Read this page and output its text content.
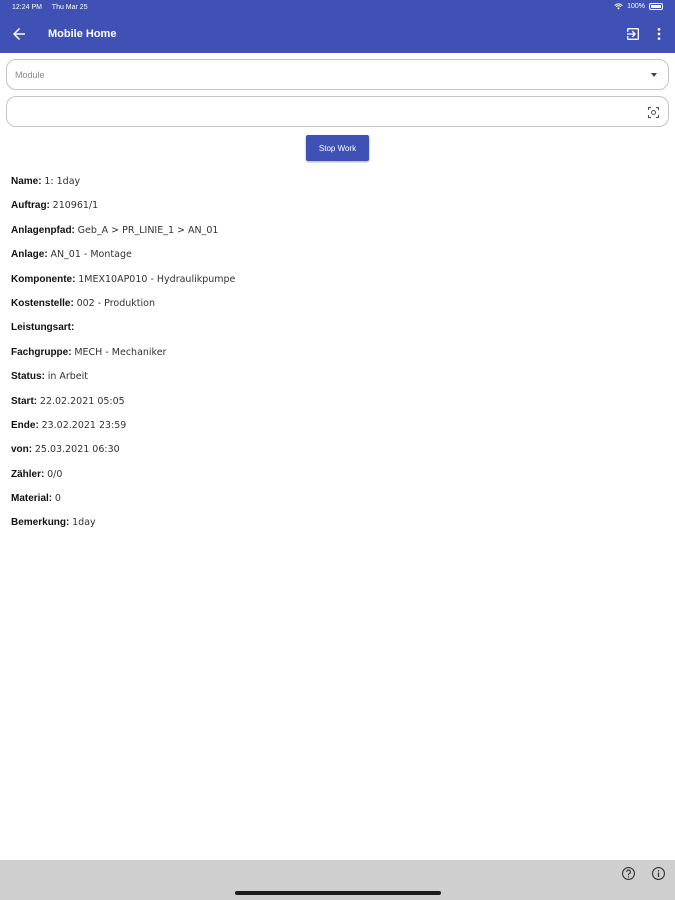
12:24 PM Thu Mar 25	100%
Mobile Home
Module
Stop Work
Name: 1: 1day
Auftrag: 210961/1
Anlagenpfad: Geb_A > PR_LINIE_1 > AN_01
Anlage: AN_01 - Montage
Komponente: 1MEX10AP010 - Hydraulikpumpe
Kostenstelle: 002 - Produktion
Leistungsart:
Fachgruppe: MECH - Mechaniker
Status: in Arbeit
Start: 22.02.2021 05:05
Ende: 23.02.2021 23:59
von: 25.03.2021 06:30
Zähler: 0/0
Material: 0
Bemerkung: 1day
